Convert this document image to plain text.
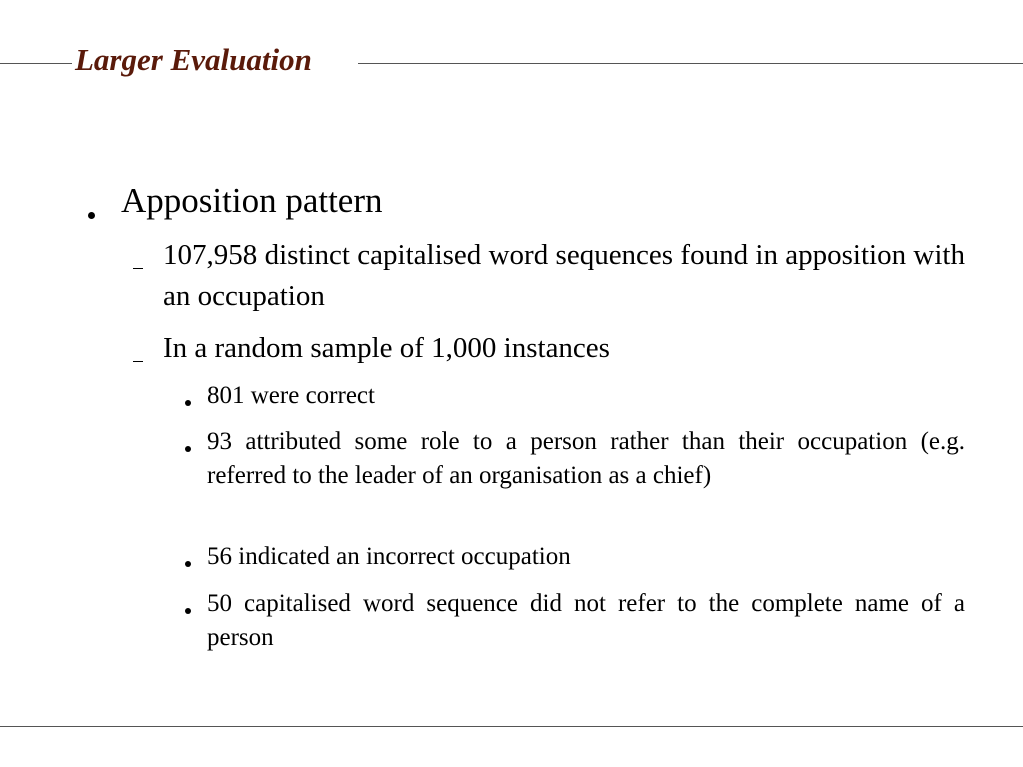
Larger Evaluation
Apposition pattern
107,958 distinct capitalised word sequences found in apposition with an occupation
In a random sample of 1,000 instances
801 were correct
93 attributed some role to a person rather than their occupation (e.g. referred to the leader of an organisation as a chief)
56 indicated an incorrect occupation
50 capitalised word sequence did not refer to the complete name of a person
